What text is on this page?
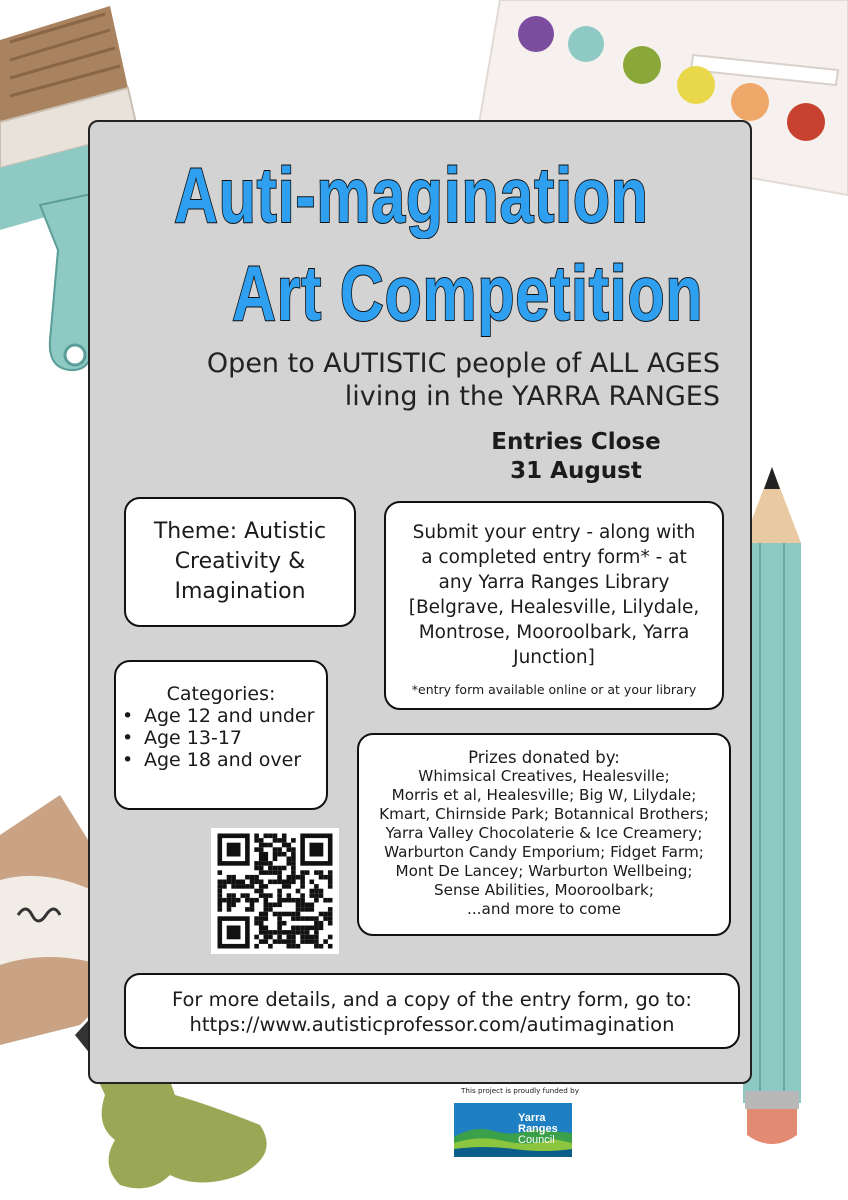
Auti-magination
Art Competition
Open to AUTISTIC people of ALL AGES
living in the YARRA RANGES
Entries Close
31 August
Theme: Autistic
Creativity &
Imagination
Submit your entry - along with
a completed entry form* - at
any Yarra Ranges Library
[Belgrave, Healesville, Lilydale,
Montrose, Mooroolbark, Yarra
Junction]
*entry form available online or at your library
Categories:
• Age 12 and under
• Age 13-17
• Age 18 and over	Prizes donated by:
Whimsical Creatives, Healesville;
Morris et al, Healesville; Big W, Lilydale;
Kmart, Chirnside Park; Botannical Brothers;
Yarra Valley Chocolaterie & Ice Creamery;
Warburton Candy Emporium; Fidget Farm;
Mont De Lancey; Warburton Wellbeing;
Sense Abilities, Mooroolbark;
...and more to come
For more details, and a copy of the entry form, go to:
https://www.autisticprofessor.com/autimagination
This project is proudly funded by
Yarra
Ranges
Council
